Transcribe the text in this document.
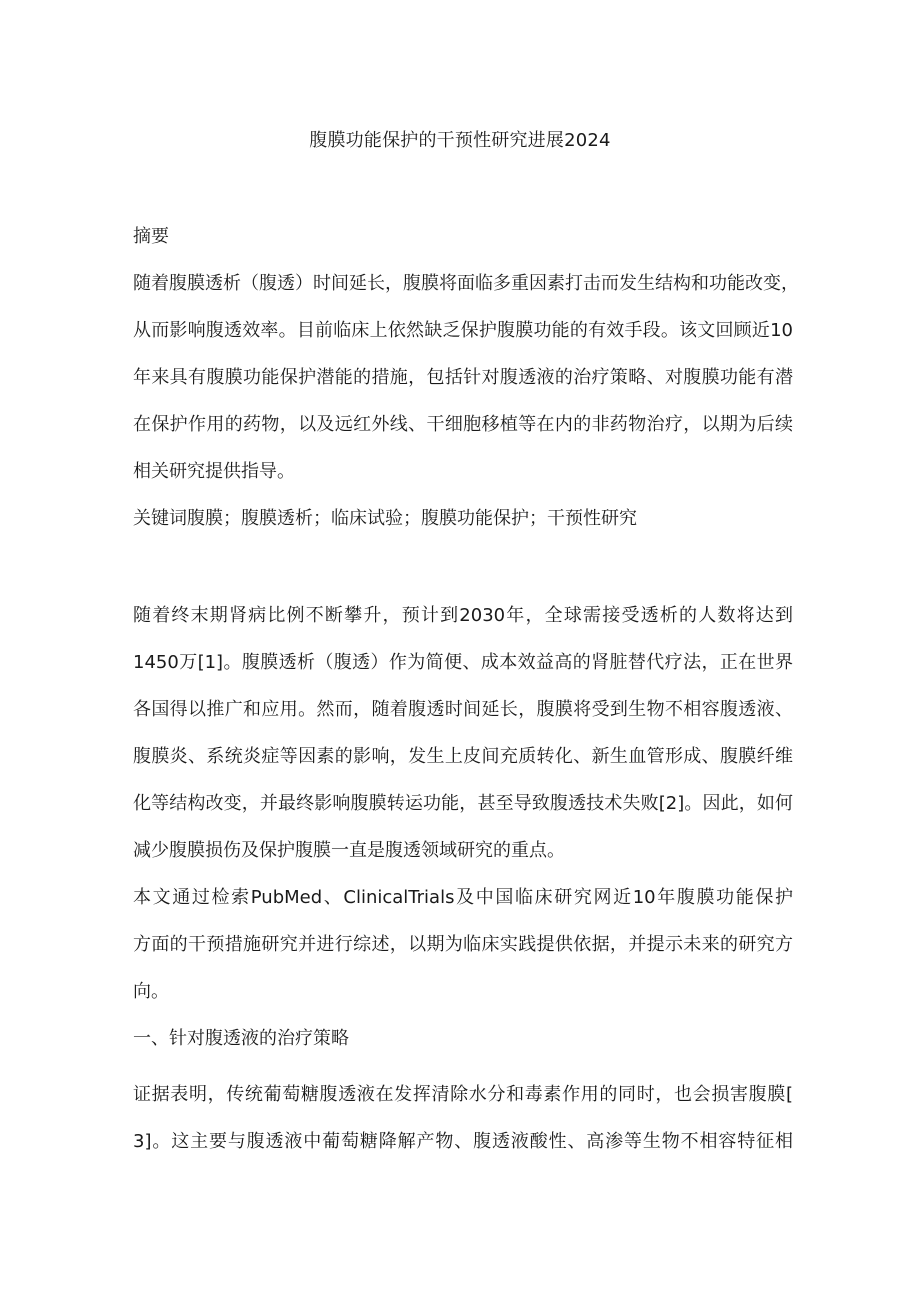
腹膜功能保护的干预性研究进展2024
摘要
随着腹膜透析（腹透）时间延长，腹膜将面临多重因素打击而发生结构和功能改变，
从而影响腹透效率。目前临床上依然缺乏保护腹膜功能的有效手段。该文回顾近10
年来具有腹膜功能保护潜能的措施，包括针对腹透液的治疗策略、对腹膜功能有潜
在保护作用的药物，以及远红外线、干细胞移植等在内的非药物治疗，以期为后续
相关研究提供指导。
关键词腹膜；腹膜透析；临床试验；腹膜功能保护；干预性研究
随着终末期肾病比例不断攀升，预计到2030年，全球需接受透析的人数将达到
1450万[1]。腹膜透析（腹透）作为简便、成本效益高的肾脏替代疗法，正在世界
各国得以推广和应用。然而，随着腹透时间延长，腹膜将受到生物不相容腹透液、
腹膜炎、系统炎症等因素的影响，发生上皮间充质转化、新生血管形成、腹膜纤维
化等结构改变，并最终影响腹膜转运功能，甚至导致腹透技术失败[2]。因此，如何
减少腹膜损伤及保护腹膜一直是腹透领域研究的重点。
本文通过检索PubMed、ClinicalTrials及中国临床研究网近10年腹膜功能保护
方面的干预措施研究并进行综述，以期为临床实践提供依据，并提示未来的研究方
向。
一、针对腹透液的治疗策略
证据表明，传统葡萄糖腹透液在发挥清除水分和毒素作用的同时，也会损害腹膜[
3]。这主要与腹透液中葡萄糖降解产物、腹透液酸性、高渗等生物不相容特征相
